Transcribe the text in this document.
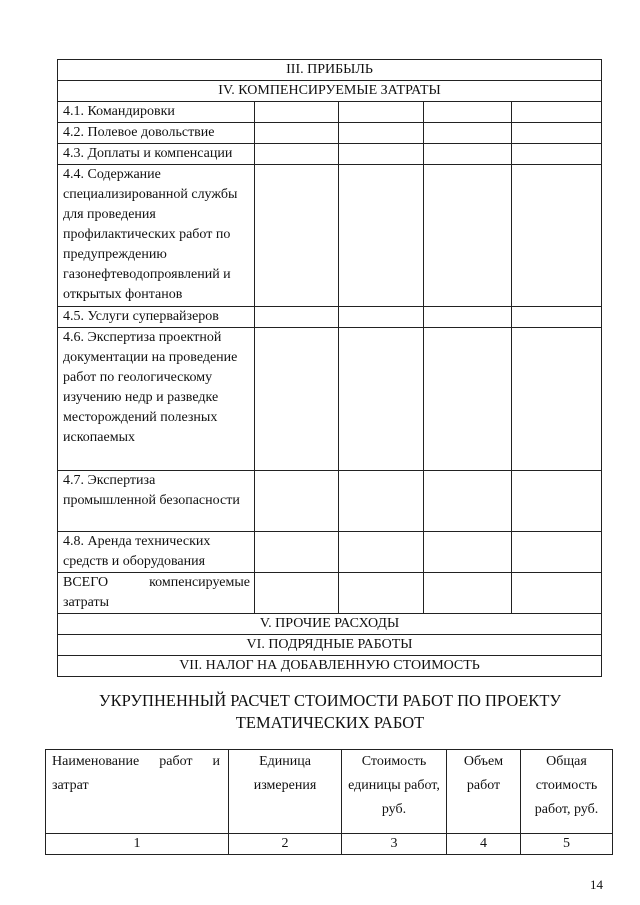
III. ПРИБЫЛЬ				
IV. КОМПЕНСИРУЕМЫЕ ЗАТРАТЫ				
4.1. Командировки				
4.2. Полевое довольствие				
4.3. Доплаты и компенсации				
4.4. Содержание специализированной службы для проведения профилактических работ по предупреждению газонефтеводопроявлений и открытых фонтанов				
4.5. Услуги супервайзеров				
4.6. Экспертиза проектной документации на проведение работ по геологическому изучению недр и разведке месторождений полезных ископаемых				
4.7. Экспертиза промышленной безопасности				
4.8. Аренда технических средств и оборудования				
ВСЕГО компенсируемые затраты				
V. ПРОЧИЕ РАСХОДЫ				
VI. ПОДРЯДНЫЕ РАБОТЫ				
VII. НАЛОГ НА ДОБАВЛЕННУЮ СТОИМОСТЬ				
УКРУПНЕННЫЙ РАСЧЕТ СТОИМОСТИ РАБОТ ПО ПРОЕКТУ
ТЕМАТИЧЕСКИХ РАБОТ
Наименование работ и затрат	Единица измерения	Стоимость единицы работ, руб.	Объем работ	Общая стоимость работ, руб.
1	2	3	4	5
14
